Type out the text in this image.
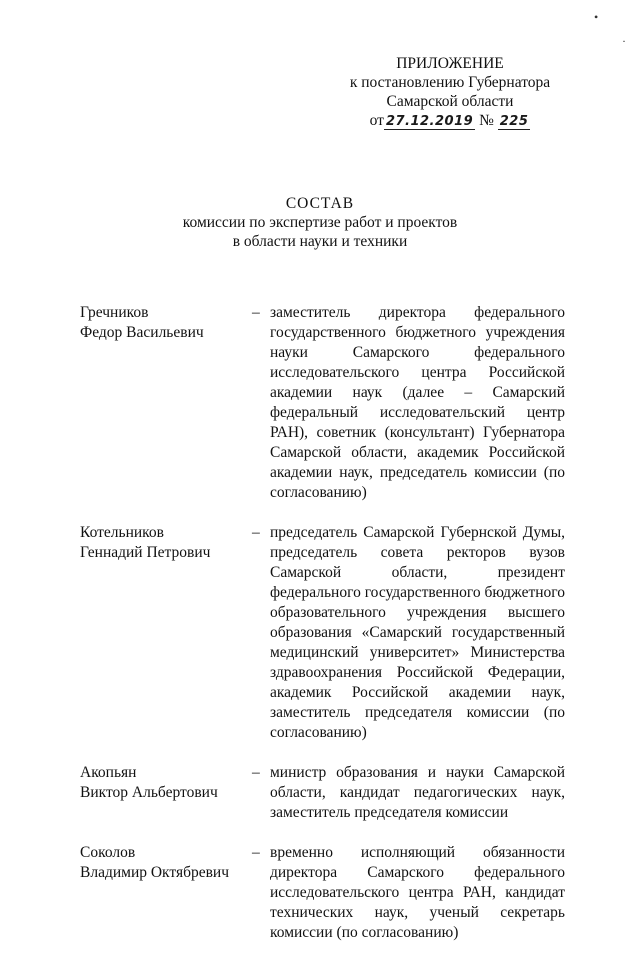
•
·
ПРИЛОЖЕНИЕ
к постановлению Губернатора
Самарской области
от 27.12.2019 № 225
СОСТАВ
комиссии по экспертизе работ и проектов
в области науки и техники
Гречников
Федор Васильевич
– заместитель директора федерального государственного бюджетного учреждения науки Самарского федерального исследовательского центра Российской академии наук (далее – Самарский федеральный исследовательский центр РАН), советник (консультант) Губернатора Самарской области, академик Российской академии наук, председатель комиссии (по согласованию)
Котельников
Геннадий Петрович
– председатель Самарской Губернской Думы, председатель совета ректоров вузов Самарской области, президент федерального государственного бюджетного образовательного учреждения высшего образования «Самарский государственный медицинский университет» Министерства здравоохранения Российской Федерации, академик Российской академии наук, заместитель председателя комиссии (по согласованию)
Акопьян
Виктор Альбертович
– министр образования и науки Самарской области, кандидат педагогических наук, заместитель председателя комиссии
Соколов
Владимир Октябревич
– временно исполняющий обязанности директора Самарского федерального исследовательского центра РАН, кандидат технических наук, ученый секретарь комиссии (по согласованию)
